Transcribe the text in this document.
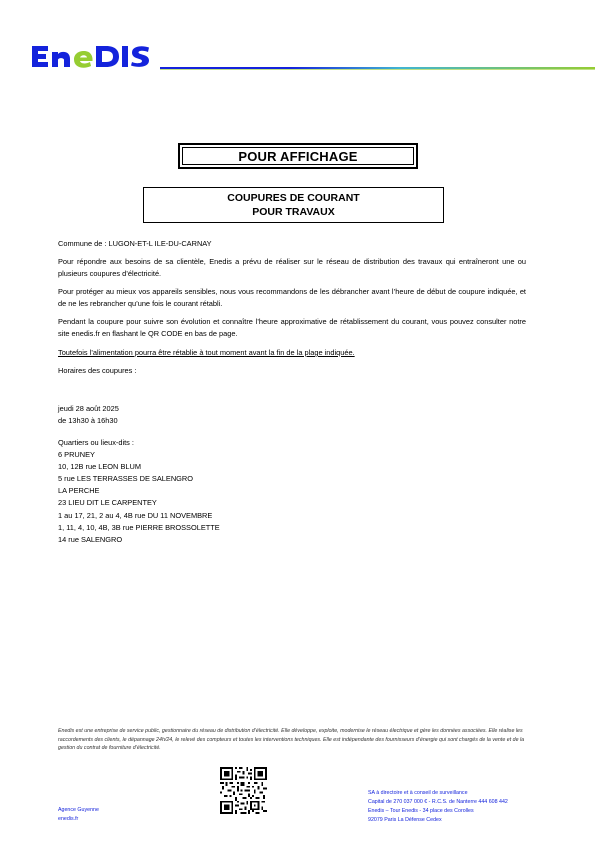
POUR AFFICHAGE
COUPURES DE COURANT
POUR TRAVAUX
Commune de : LUGON-ET-L ILE-DU-CARNAY
Pour répondre aux besoins de sa clientèle, Enedis a prévu de réaliser sur le réseau de distribution des travaux qui entraîneront une ou plusieurs coupures d’électricité.
Pour protéger au mieux vos appareils sensibles, nous vous recommandons de les débrancher avant l’heure de début de coupure indiquée, et de ne les rebrancher qu’une fois le courant rétabli.
Pendant la coupure pour suivre son évolution et connaître l’heure approximative de rétablissement du courant, vous pouvez consulter notre site enedis.fr en flashant le QR CODE en bas de page.
Toutefois l’alimentation pourra être rétablie à tout moment avant la fin de la plage indiquée.
Horaires des coupures :
jeudi 28 août 2025
de 13h30 à 16h30
Quartiers ou lieux-dits :
6 PRUNEY
10, 12B rue LEON BLUM
5 rue LES TERRASSES DE SALENGRO
LA PERCHE
23 LIEU DIT LE CARPENTEY
1 au 17, 21, 2 au 4, 4B rue DU 11 NOVEMBRE
1, 11, 4, 10, 4B, 3B rue PIERRE BROSSOLETTE
14 rue SALENGRO
Enedis est une entreprise de service public, gestionnaire du réseau de distribution d’électricité. Elle développe, exploite, modernise le réseau électrique et gère les données associées. Elle réalise les raccordements des clients, le dépannage 24h/24, le relevé des compteurs et toutes les interventions techniques. Elle est indépendante des fournisseurs d’énergie qui sont chargés de la vente et de la gestion du contrat de fourniture d’électricité.
Agence Guyenne
enedis.fr
SA à directoire et à conseil de surveillance
Capital de 270 037 000 € - R.C.S. de Nanterre 444 608 442
Enedis – Tour Enedis - 34 place des Corolles
92079 Paris La Défense Cedex
